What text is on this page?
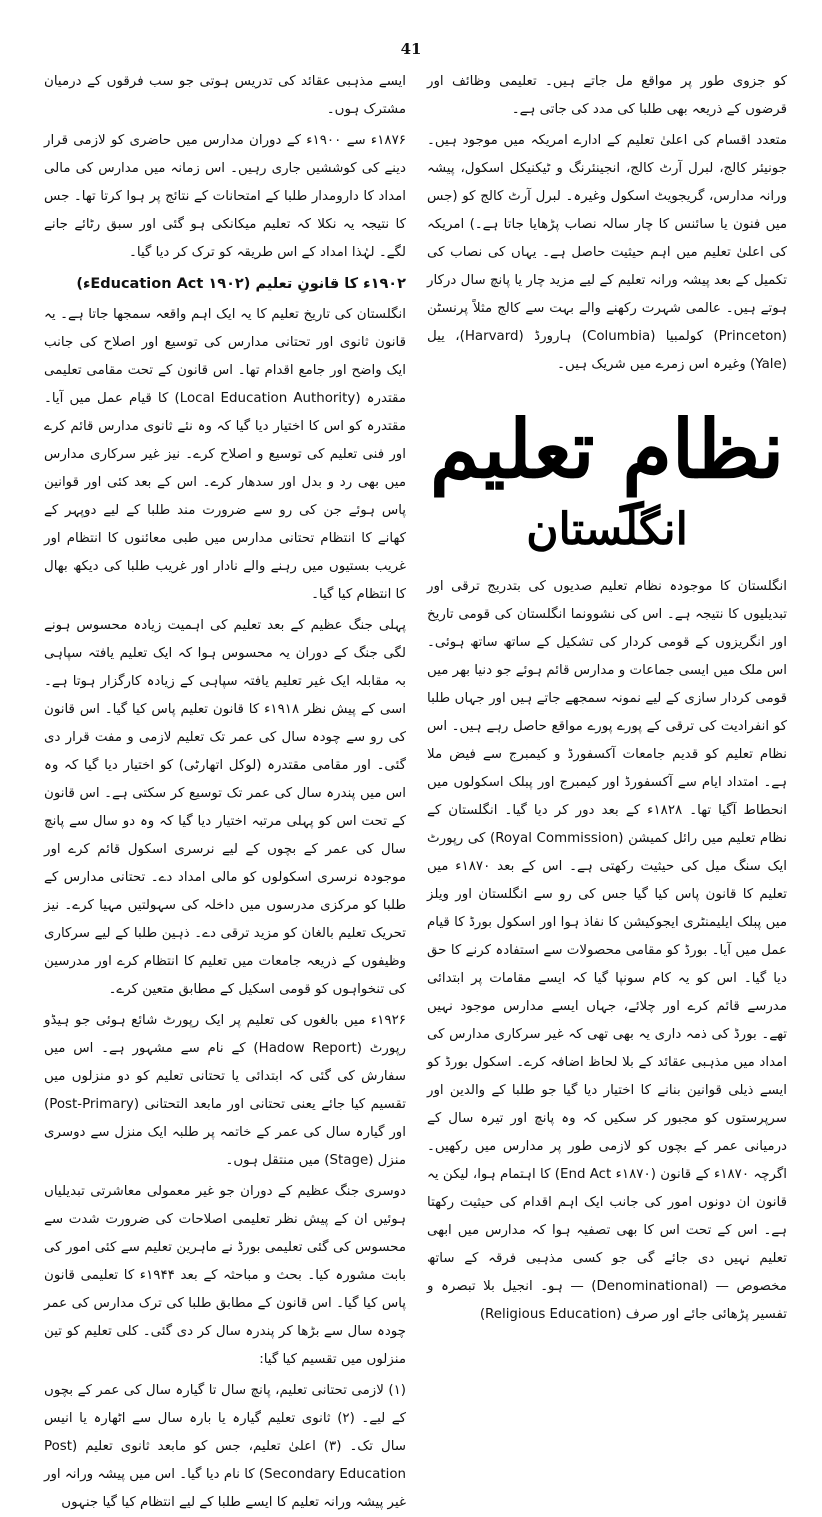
41

کو جزوی طور پر مواقع مل جاتے ہیں۔ تعلیمی وظائف اور قرضوں کے ذریعہ بھی طلبا کی مدد کی جاتی ہے۔

متعدد اقسام کی اعلیٰ تعلیم کے ادارے امریکہ میں موجود ہیں۔ جونیئر کالج، لبرل آرٹ کالج، انجینئرنگ و ٹیکنیکل اسکول، پیشہ ورانہ مدارس، گریجویٹ اسکول وغیرہ۔ لبرل آرٹ کالج کو (جس میں فنون یا سائنس کا چار سالہ نصاب پڑھایا جاتا ہے۔) امریکہ کی اعلیٰ تعلیم میں اہم حیثیت حاصل ہے۔ یہاں کی نصاب کی تکمیل کے بعد پیشہ ورانہ تعلیم کے لیے مزید چار یا پانچ سال درکار ہوتے ہیں۔ عالمی شہرت رکھنے والے بہت سے کالج مثلاً پرنسٹن (Princeton) کولمبیا (Columbia) ہارورڈ (Harvard)، ییل (Yale) وغیرہ اس زمرے میں شریک ہیں۔

نظامِ تعلیم
انگلستان

انگلستان کا موجودہ نظام تعلیم صدیوں کی بتدریج ترقی اور تبدیلیوں کا نتیجہ ہے۔ اس کی نشوونما انگلستان کی قومی تاریخ اور انگریزوں کے قومی کردار کی تشکیل کے ساتھ ساتھ ہوئی۔ اس ملک میں ایسی جماعات و مدارس قائم ہوئے جو دنیا بھر میں قومی کردار سازی کے لیے نمونہ سمجھے جاتے ہیں اور جہاں طلبا کو انفرادیت کی ترقی کے پورے پورے مواقع حاصل رہے ہیں۔ اس نظام تعلیم کو قدیم جامعات آکسفورڈ و کیمبرج سے فیض ملا ہے۔ امتداد ایام سے آکسفورڈ اور کیمبرج اور پبلک اسکولوں میں انحطاط آگیا تھا۔ ۱۸۲۸ء کے بعد دور کر دیا گیا۔ انگلستان کے نظام تعلیم میں رائل کمیشن (Royal Commission) کی رپورٹ ایک سنگ میل کی حیثیت رکھتی ہے۔ اس کے بعد ۱۸۷۰ء میں تعلیم کا قانون پاس کیا گیا جس کی رو سے انگلستان اور ویلز میں پبلک ایلیمنٹری ایجوکیشن کا نفاذ ہوا اور اسکول بورڈ کا قیام عمل میں آیا۔ بورڈ کو مقامی محصولات سے استفادہ کرنے کا حق دیا گیا۔ اس کو یہ کام سونپا گیا کہ ایسے مقامات پر ابتدائی مدرسے قائم کرے اور چلائے، جہاں ایسے مدارس موجود نہیں تھے۔ بورڈ کی ذمہ داری یہ بھی تھی کہ غیر سرکاری مدارس کی امداد میں مذہبی عقائد کے بلا لحاظ اضافہ کرے۔ اسکول بورڈ کو ایسے ذیلی قوانین بنانے کا اختیار دیا گیا جو طلبا کے والدین اور سرپرستوں کو مجبور کر سکیں کہ وہ پانچ اور تیرہ سال کے درمیانی عمر کے بچوں کو لازمی طور پر مدارس میں رکھیں۔ اگرچہ ۱۸۷۰ء کے قانون (۱۸۷۰ء End Act) کا اہتمام ہوا، لیکن یہ قانون ان دونوں امور کی جانب ایک اہم اقدام کی حیثیت رکھتا ہے۔ اس کے تحت اس کا بھی تصفیہ ہوا کہ مدارس میں ابھی تعلیم نہیں دی جائے گی جو کسی مذہبی فرقہ کے ساتھ مخصوص — (Denominational) — ہو۔ انجیل بلا تبصرہ و تفسیر پڑھائی جائے اور صرف (Religious Education)

ایسے مذہبی عقائد کی تدریس ہوتی جو سب فرقوں کے درمیان مشترک ہوں۔

۱۸۷۶ء سے ۱۹۰۰ء کے دوران مدارس میں حاضری کو لازمی قرار دینے کی کوششیں جاری رہیں۔ اس زمانہ میں مدارس کی مالی امداد کا دارومدار طلبا کے امتحانات کے نتائج پر ہوا کرتا تھا۔ جس کا نتیجہ یہ نکلا کہ تعلیم میکانکی ہو گئی اور سبق رٹائے جانے لگے۔ لہٰذا امداد کے اس طریقہ کو ترک کر دیا گیا۔

۱۹۰۲ء کا قانونِ تعلیم (Education Act ۱۹۰۲ء)

انگلستان کی تاریخ تعلیم کا یہ ایک اہم واقعہ سمجھا جاتا ہے۔ یہ قانون ثانوی اور تحتانی مدارس کی توسیع اور اصلاح کی جانب ایک واضح اور جامع اقدام تھا۔ اس قانون کے تحت مقامی تعلیمی مقتدرہ (Local Education Authority) کا قیام عمل میں آیا۔ مقتدرہ کو اس کا اختیار دیا گیا کہ وہ نئے ثانوی مدارس قائم کرے اور فنی تعلیم کی توسیع و اصلاح کرے۔ نیز غیر سرکاری مدارس میں بھی رد و بدل اور سدھار کرے۔ اس کے بعد کئی اور قوانین پاس ہوئے جن کی رو سے ضرورت مند طلبا کے لیے دوپہر کے کھانے کا انتظام تحتانی مدارس میں طبی معائنوں کا انتظام اور غریب بستیوں میں رہنے والے نادار اور غریب طلبا کی دیکھ بھال کا انتظام کیا گیا۔

پہلی جنگ عظیم کے بعد تعلیم کی اہمیت زیادہ محسوس ہونے لگی جنگ کے دوران یہ محسوس ہوا کہ ایک تعلیم یافتہ سپاہی بہ مقابلہ ایک غیر تعلیم یافتہ سپاہی کے زیادہ کارگزار ہوتا ہے۔ اسی کے پیش نظر ۱۹۱۸ء کا قانون تعلیم پاس کیا گیا۔ اس قانون کی رو سے چودہ سال کی عمر تک تعلیم لازمی و مفت قرار دی گئی۔ اور مقامی مقتدرہ (لوکل اتھارٹی) کو اختیار دیا گیا کہ وہ اس میں پندرہ سال کی عمر تک توسیع کر سکتی ہے۔ اس قانون کے تحت اس کو پہلی مرتبہ اختیار دیا گیا کہ وہ دو سال سے پانچ سال کی عمر کے بچوں کے لیے نرسری اسکول قائم کرے اور موجودہ نرسری اسکولوں کو مالی امداد دے۔ تحتانی مدارس کے طلبا کو مرکزی مدرسوں میں داخلہ کی سہولتیں مہیا کرے۔ نیز تحریک تعلیم بالغان کو مزید ترقی دے۔ ذہین طلبا کے لیے سرکاری وظیفوں کے ذریعہ جامعات میں تعلیم کا انتظام کرے اور مدرسین کی تنخواہوں کو قومی اسکیل کے مطابق متعین کرے۔

۱۹۲۶ء میں بالغوں کی تعلیم پر ایک رپورٹ شائع ہوئی جو ہیڈو رپورٹ (Hadow Report) کے نام سے مشہور ہے۔ اس میں سفارش کی گئی کہ ابتدائی یا تحتانی تعلیم کو دو منزلوں میں تقسیم کیا جائے یعنی تحتانی اور مابعد التحتانی (Post-Primary) اور گیارہ سال کی عمر کے خاتمہ پر طلبہ ایک منزل سے دوسری منزل (Stage) میں منتقل ہوں۔

دوسری جنگ عظیم کے دوران جو غیر معمولی معاشرتی تبدیلیاں ہوئیں ان کے پیش نظر تعلیمی اصلاحات کی ضرورت شدت سے محسوس کی گئی تعلیمی بورڈ نے ماہرین تعلیم سے کئی امور کی بابت مشورہ کیا۔ بحث و مباحثہ کے بعد ۱۹۴۴ء کا تعلیمی قانون پاس کیا گیا۔ اس قانون کے مطابق طلبا کی ترک مدارس کی عمر چودہ سال سے بڑھا کر پندرہ سال کر دی گئی۔ کلی تعلیم کو تین منزلوں میں تقسیم کیا گیا:

(۱) لازمی تحتانی تعلیم، پانچ سال تا گیارہ سال کی عمر کے بچوں کے لیے۔ (۲) ثانوی تعلیم گیارہ یا بارہ سال سے اٹھارہ یا انیس سال تک۔ (۳) اعلیٰ تعلیم، جس کو مابعد ثانوی تعلیم (Post Secondary Education) کا نام دیا گیا۔ اس میں پیشہ ورانہ اور غیر پیشہ ورانہ تعلیم کا ایسے طلبا کے لیے انتظام کیا گیا جنہوں
